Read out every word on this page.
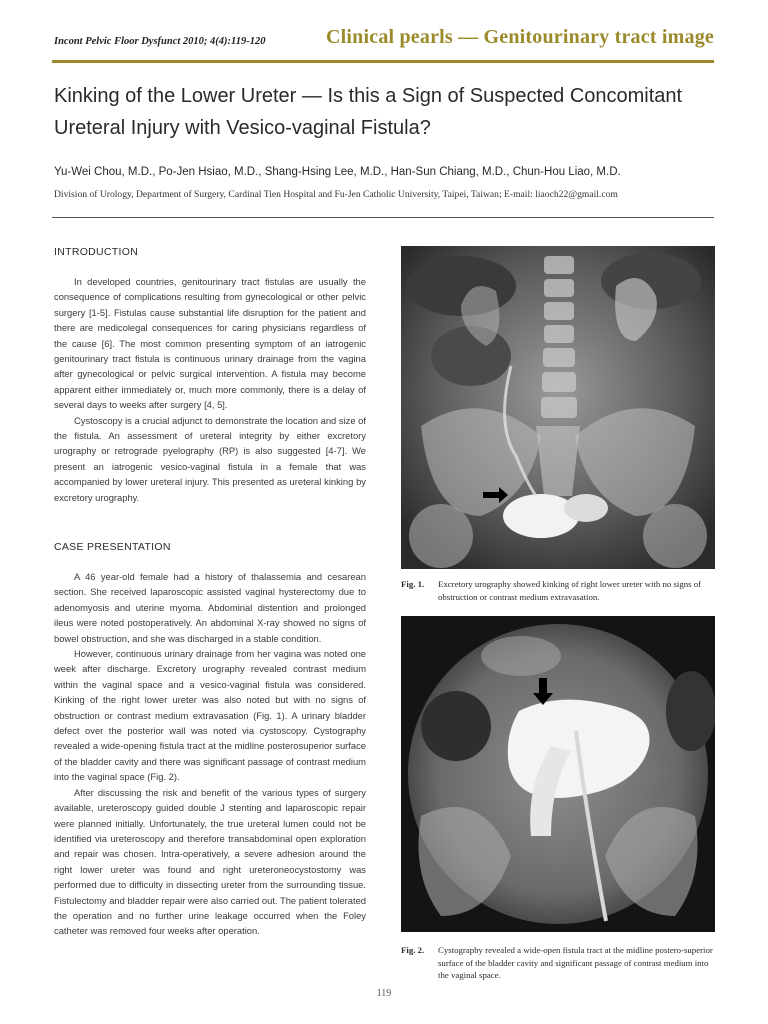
Incont Pelvic Floor Dysfunct 2010; 4(4):119-120	Clinical pearls — Genitourinary tract image
Kinking of the Lower Ureter — Is this a Sign of Suspected Concomitant Ureteral Injury with Vesico-vaginal Fistula?
Yu-Wei Chou, M.D., Po-Jen Hsiao, M.D., Shang-Hsing Lee, M.D., Han-Sun Chiang, M.D., Chun-Hou Liao, M.D.
Division of Urology, Department of Surgery, Cardinal Tien Hospital and Fu-Jen Catholic University, Taipei, Taiwan; E-mail: liaoch22@gmail.com
INTRODUCTION

In developed countries, genitourinary tract fistulas are usually the consequence of complications resulting from gynecological or other pelvic surgery [1-5]. Fistulas cause substantial life disruption for the patient and there are medicolegal consequences for caring physicians regardless of the cause [6]. The most common presenting symptom of an iatrogenic genitourinary tract fistula is continuous urinary drainage from the vagina after gynecological or pelvic surgical intervention. A fistula may become apparent either immediately or, much more commonly, there is a delay of several days to weeks after surgery [4, 5].

Cystoscopy is a crucial adjunct to demonstrate the location and size of the fistula. An assessment of ureteral integrity by either excretory urography or retrograde pyelography (RP) is also suggested [4-7]. We present an iatrogenic vesico-vaginal fistula in a female that was accompanied by lower ureteral injury. This presented as ureteral kinking by excretory urography.

CASE PRESENTATION

A 46 year-old female had a history of thalassemia and cesarean section. She received laparoscopic assisted vaginal hysterectomy due to adenomyosis and uterine myoma. Abdominal distention and prolonged ileus were noted postoperatively. An abdominal X-ray showed no signs of bowel obstruction, and she was discharged in a stable condition.

However, continuous urinary drainage from her vagina was noted one week after discharge. Excretory urography revealed contrast medium within the vaginal space and a vesico-vaginal fistula was considered. Kinking of the right lower ureter was also noted but with no signs of obstruction or contrast medium extravasation (Fig. 1). A urinary bladder defect over the posterior wall was noted via cystoscopy. Cystography revealed a wide-opening fistula tract at the midline posterosuperior surface of the bladder cavity and there was significant passage of contrast medium into the vaginal space (Fig. 2).

After discussing the risk and benefit of the various types of surgery available, ureteroscopy guided double J stenting and laparoscopic repair were planned initially. Unfortunately, the true ureteral lumen could not be identified via ureteroscopy and therefore transabdominal open exploration and repair was chosen. Intra-operatively, a severe adhesion around the right lower ureter was found and right ureteroneocystostomy was performed due to difficulty in dissecting ureter from the surrounding tissue. Fistulectomy and bladder repair were also carried out. The patient tolerated the operation and no further urine leakage occurred when the Foley catheter was removed four weeks after operation.

Fig. 1.	Excretory urography showed kinking of right lower ureter with no signs of obstruction or contrast medium extravasation.
Fig. 2.	Cystography revealed a wide-open fistula tract at the midline postero-superior surface of the bladder cavity and significant passage of contrast medium into the vaginal space.
119
